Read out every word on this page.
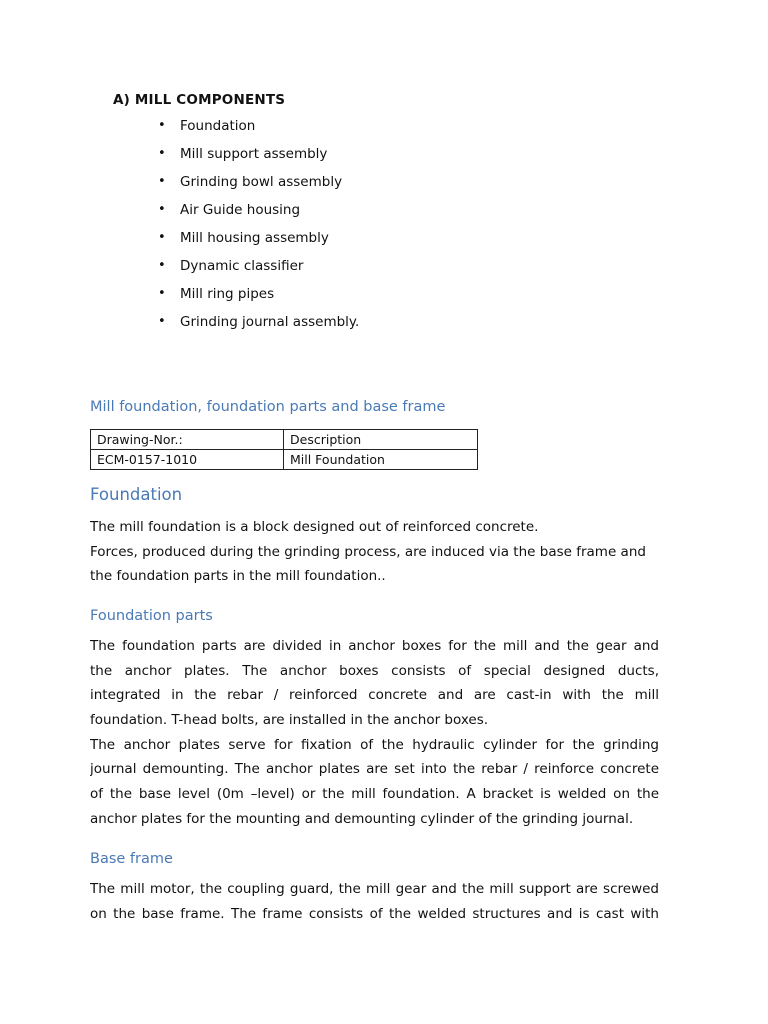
A) MILL COMPONENTS
• Foundation
• Mill support assembly
• Grinding bowl assembly
• Air Guide housing
• Mill housing assembly
• Dynamic classifier
• Mill ring pipes
• Grinding journal assembly.
Mill foundation, foundation parts and base frame
Drawing-Nor.:	Description
ECM-0157-1010	Mill Foundation
Foundation
The mill foundation is a block designed out of reinforced concrete.
Forces, produced during the grinding process, are induced via the base frame and
the foundation parts in the mill foundation..
Foundation parts
The foundation parts are divided in anchor boxes for the mill and the gear and
the anchor plates. The anchor boxes consists of special designed ducts,
integrated in the rebar / reinforced concrete and are cast-in with the mill
foundation. T-head bolts, are installed in the anchor boxes.
The anchor plates serve for fixation of the hydraulic cylinder for the grinding
journal demounting. The anchor plates are set into the rebar / reinforce concrete
of the base level (0m –level) or the mill foundation. A bracket is welded on the
anchor plates for the mounting and demounting cylinder of the grinding journal.
Base frame
The mill motor, the coupling guard, the mill gear and the mill support are screwed
on the base frame. The frame consists of the welded structures and is cast with
